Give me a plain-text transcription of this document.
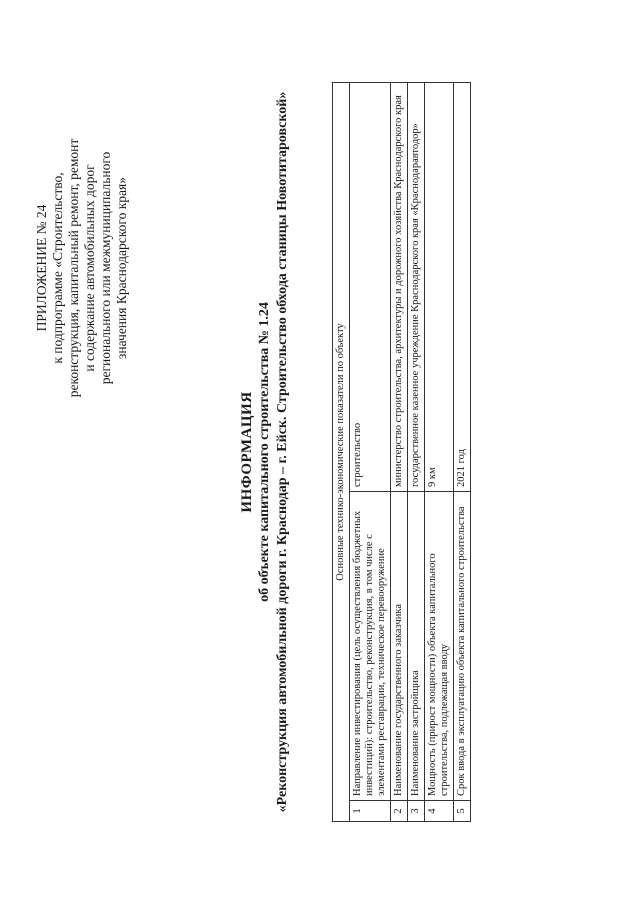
ПРИЛОЖЕНИЕ № 24 к подпрограмме «Строительство, реконструкция, капитальный ремонт, ремонт и содержание автомобильных дорог регионального или межмуниципального значения Краснодарского края»
ИНФОРМАЦИЯ об объекте капитального строительства № 1.24 «Реконструкция автомобильной дороги г. Краснодар – г. Ейск. Строительство обхода станицы Новотитаровской»	Основные технико-экономические показатели по объекту		
1	Направление инвестирования (цель осуществления бюджетных инвестиций): строительство, реконструкция, в том числе с элементами реставрации, техническое перевооружение	строительство
2	Наименование государственного заказчика	министерство строительства, архитектуры и дорожного хозяйства Краснодарского края
3	Наименование застройщика	государственное казенное учреждение Краснодарского края «Краснодаравтодор»
4	Мощность (прирост мощности) объекта капитального строительства, подлежащая вводу	9 км
5	Срок ввода в эксплуатацию объекта капитального строительства	2021 год
